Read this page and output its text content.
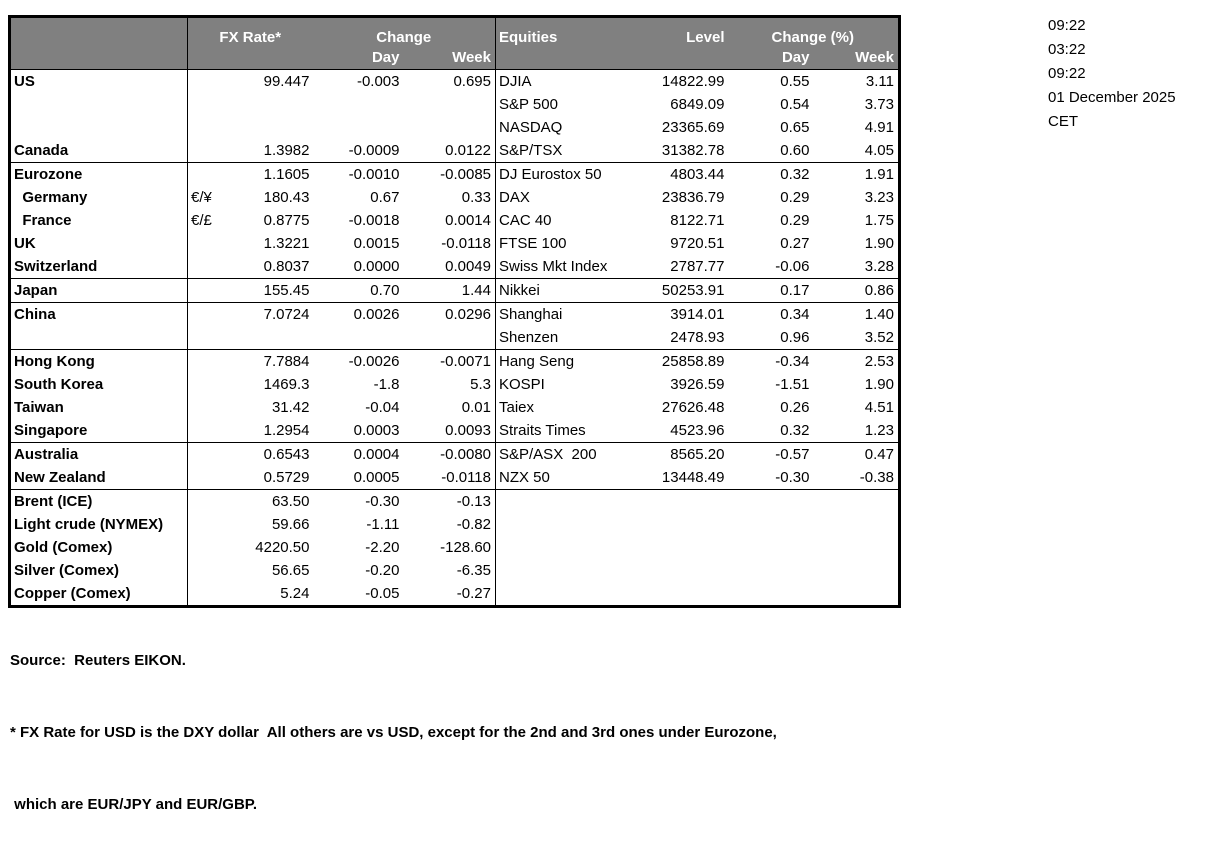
	FX Rate*		Change		Equities	Level	Change (%)	
			Day	Week			Day	Week
US		99.447	-0.003	0.695	DJIA	14822.99	0.55	3.11
					S&P 500	6849.09	0.54	3.73
					NASDAQ	23365.69	0.65	4.91
Canada		1.3982	-0.0009	0.0122	S&P/TSX	31382.78	0.60	4.05
Eurozone		1.1605	-0.0010	-0.0085	DJ Eurostox 50	4803.44	0.32	1.91
Germany	€/¥	180.43	0.67	0.33	DAX	23836.79	0.29	3.23
France	€/£	0.8775	-0.0018	0.0014	CAC 40	8122.71	0.29	1.75
UK		1.3221	0.0015	-0.0118	FTSE 100	9720.51	0.27	1.90
Switzerland		0.8037	0.0000	0.0049	Swiss Mkt Index	2787.77	-0.06	3.28
Japan		155.45	0.70	1.44	Nikkei	50253.91	0.17	0.86
China		7.0724	0.0026	0.0296	Shanghai	3914.01	0.34	1.40
					Shenzen	2478.93	0.96	3.52
Hong Kong		7.7884	-0.0026	-0.0071	Hang Seng	25858.89	-0.34	2.53
South Korea		1469.3	-1.8	5.3	KOSPI	3926.59	-1.51	1.90
Taiwan		31.42	-0.04	0.01	Taiex	27626.48	0.26	4.51
Singapore		1.2954	0.0003	0.0093	Straits Times	4523.96	0.32	1.23
Australia		0.6543	0.0004	-0.0080	S&P/ASX  200	8565.20	-0.57	0.47
New Zealand		0.5729	0.0005	-0.0118	NZX 50	13448.49	-0.30	-0.38
Brent (ICE)		63.50	-0.30	-0.13				
Light crude (NYMEX)		59.66	-1.11	-0.82				
Gold (Comex)		4220.50	-2.20	-128.60				
Silver (Comex)		56.65	-0.20	-6.35				
Copper (Comex)		5.24	-0.05	-0.27				
09:22
03:22
09:22
01 December 2025
CET

Source:  Reuters EIKON.

* FX Rate for USD is the DXY dollar  All others are vs USD, except for the 2nd and 3rd ones under Eurozone,

which are EUR/JPY and EUR/GBP.
